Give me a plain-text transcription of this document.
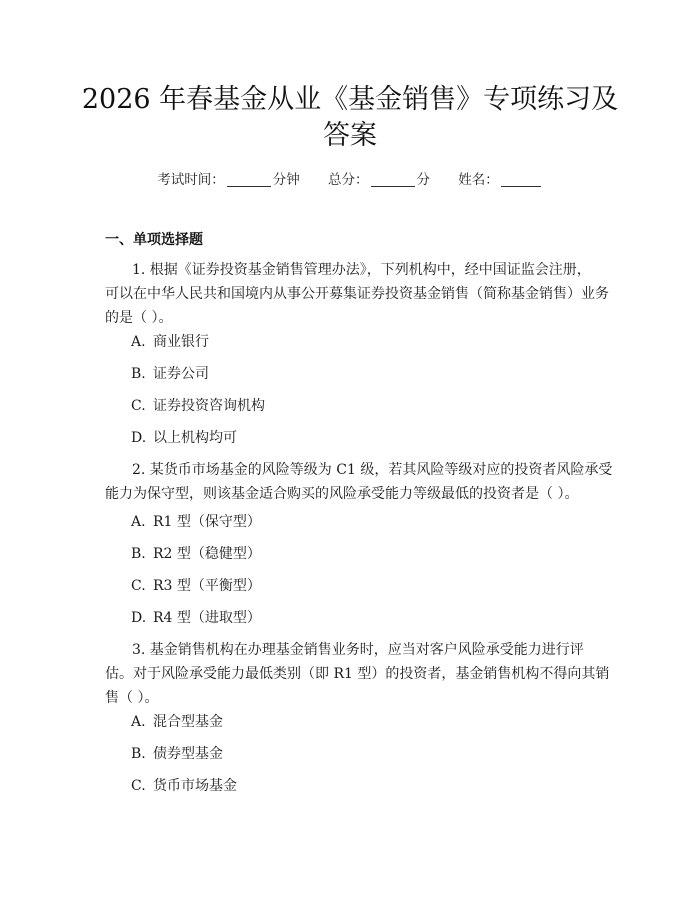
2026 年春基金从业《基金销售》专项练习及
答案
考试时间：	分钟 总分：	分 姓名：
一、单项选择题
1. 根据《证券投资基金销售管理办法》，下列机构中，经中国证监会注册，
可以在中华人民共和国境内从事公开募集证券投资基金销售（简称基金销售）业务
的是（ ）。
A. 商业银行
B. 证券公司
C. 证券投资咨询机构
D. 以上机构均可
2. 某货币市场基金的风险等级为 C1 级，若其风险等级对应的投资者风险承受
能力为保守型，则该基金适合购买的风险承受能力等级最低的投资者是（ ）。
A. R1 型（保守型）
B. R2 型（稳健型）
C. R3 型（平衡型）
D. R4 型（进取型）
3. 基金销售机构在办理基金销售业务时，应当对客户风险承受能力进行评
估。对于风险承受能力最低类别（即 R1 型）的投资者，基金销售机构不得向其销
售（ ）。
A. 混合型基金
B. 债券型基金
C. 货币市场基金
